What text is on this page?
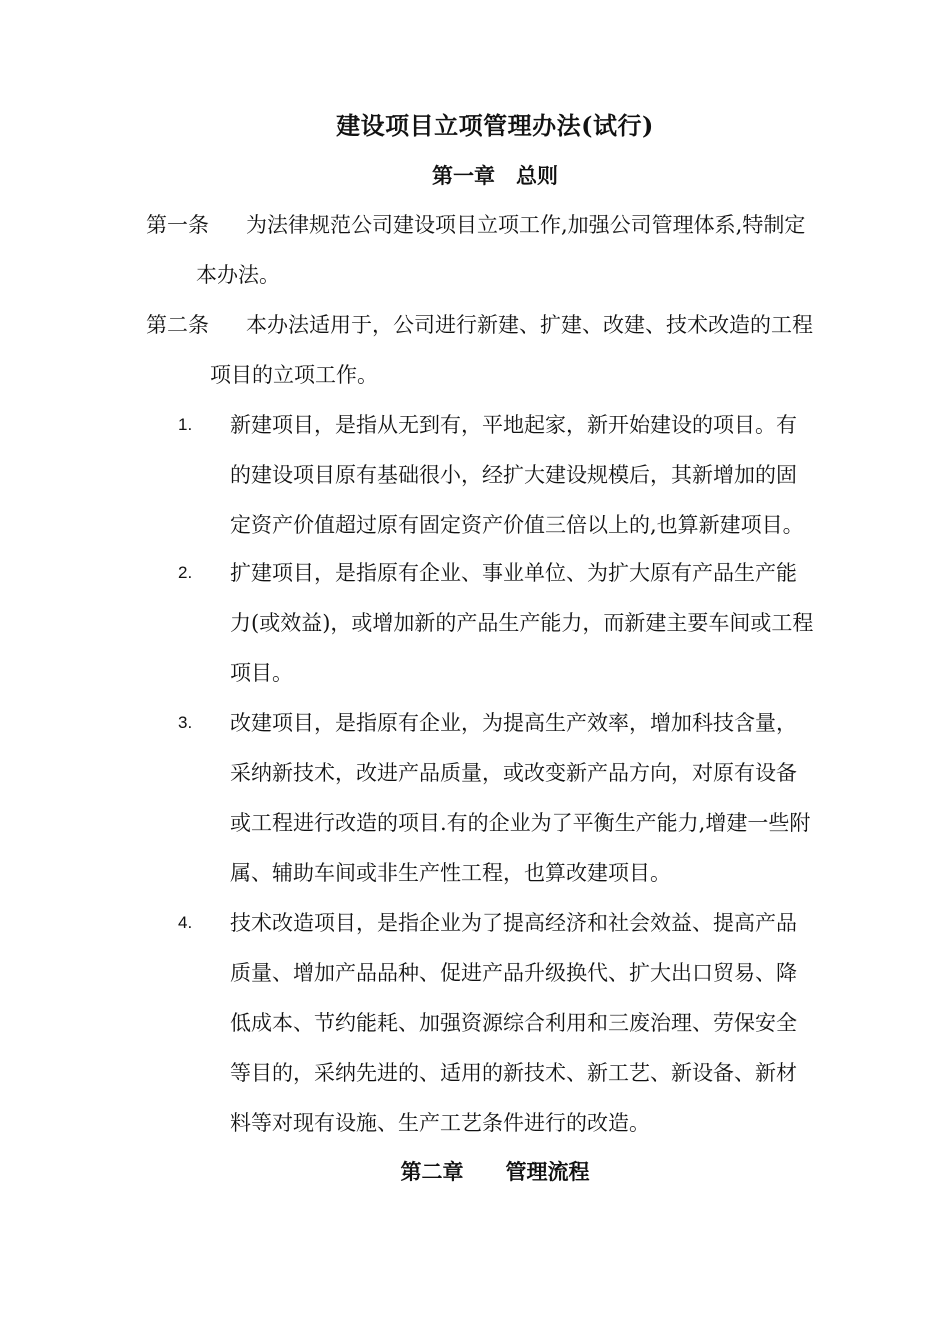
建设项目立项管理办法(试行)
第一章　总则
第一条 为法律规范公司建设项目立项工作,加强公司管理体系,特制定
本办法。
第二条 本办法适用于，公司进行新建、扩建、改建、技术改造的工程
项目的立项工作。
1. 新建项目，是指从无到有，平地起家，新开始建设的项目。有
的建设项目原有基础很小，经扩大建设规模后，其新增加的固
定资产价值超过原有固定资产价值三倍以上的,也算新建项目。
2. 扩建项目，是指原有企业、事业单位、为扩大原有产品生产能
力(或效益)，或增加新的产品生产能力，而新建主要车间或工程
项目。
3. 改建项目，是指原有企业，为提高生产效率，增加科技含量，
采纳新技术，改进产品质量，或改变新产品方向，对原有设备
或工程进行改造的项目.有的企业为了平衡生产能力,增建一些附
属、辅助车间或非生产性工程，也算改建项目。
4. 技术改造项目，是指企业为了提高经济和社会效益、提高产品
质量、增加产品品种、促进产品升级换代、扩大出口贸易、降
低成本、节约能耗、加强资源综合利用和三废治理、劳保安全
等目的，采纳先进的、适用的新技术、新工艺、新设备、新材
料等对现有设施、生产工艺条件进行的改造。
第二章　　管理流程
